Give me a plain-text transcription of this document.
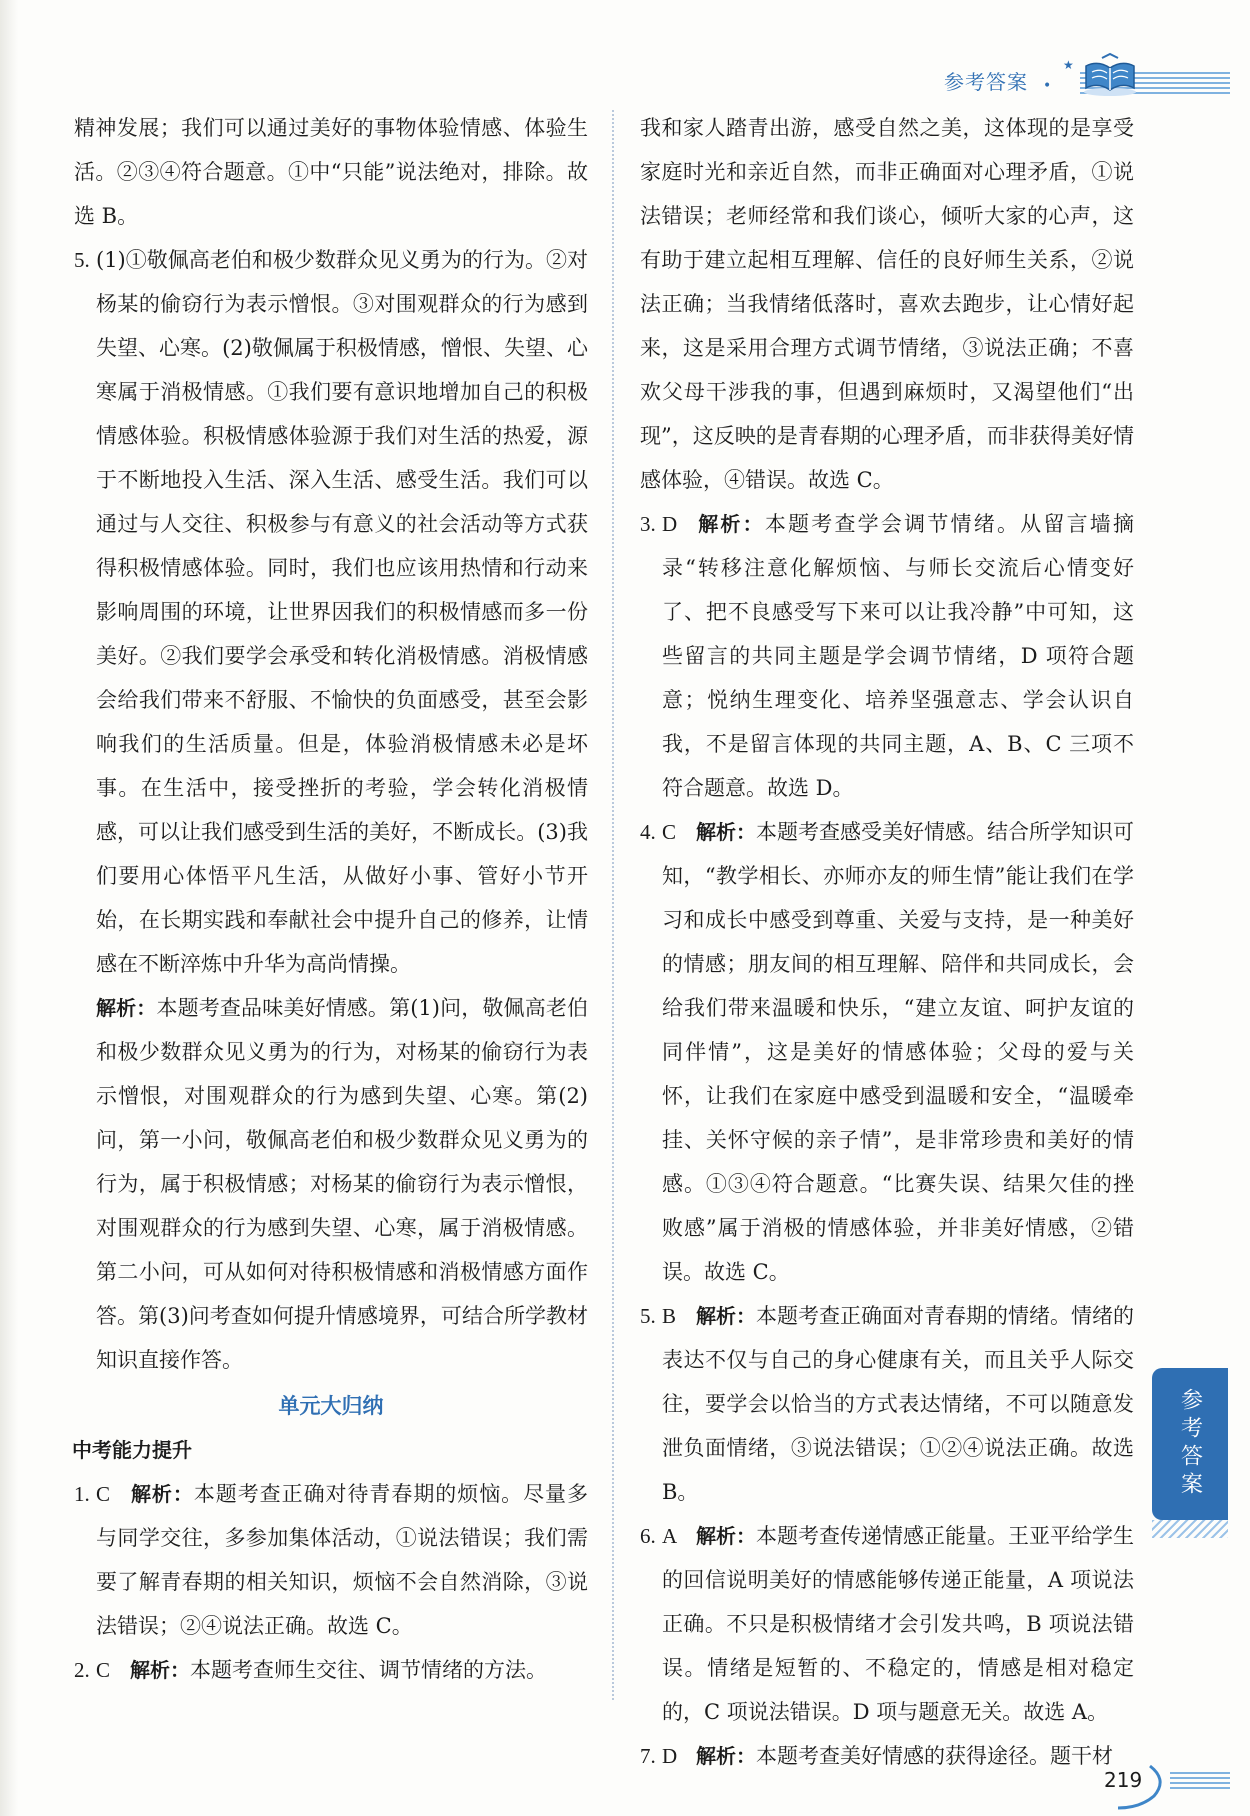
参考答案 •
★
精神发展；我们可以通过美好的事物体验情感、体验生活。②③④符合题意。①中“只能”说法绝对，排除。故选 B。
5. (1)①敬佩高老伯和极少数群众见义勇为的行为。②对杨某的偷窃行为表示憎恨。③对围观群众的行为感到失望、心寒。(2)敬佩属于积极情感，憎恨、失望、心寒属于消极情感。①我们要有意识地增加自己的积极情感体验。积极情感体验源于我们对生活的热爱，源于不断地投入生活、深入生活、感受生活。我们可以通过与人交往、积极参与有意义的社会活动等方式获得积极情感体验。同时，我们也应该用热情和行动来影响周围的环境，让世界因我们的积极情感而多一份美好。②我们要学会承受和转化消极情感。消极情感会给我们带来不舒服、不愉快的负面感受，甚至会影响我们的生活质量。但是，体验消极情感未必是坏事。在生活中，接受挫折的考验，学会转化消极情感，可以让我们感受到生活的美好，不断成长。(3)我们要用心体悟平凡生活，从做好小事、管好小节开始，在长期实践和奉献社会中提升自己的修养，让情感在不断淬炼中升华为高尚情操。
解析：本题考查品味美好情感。第(1)问，敬佩高老伯和极少数群众见义勇为的行为，对杨某的偷窃行为表示憎恨，对围观群众的行为感到失望、心寒。第(2)问，第一小问，敬佩高老伯和极少数群众见义勇为的行为，属于积极情感；对杨某的偷窃行为表示憎恨，对围观群众的行为感到失望、心寒，属于消极情感。第二小问，可从如何对待积极情感和消极情感方面作答。第(3)问考查如何提升情感境界，可结合所学教材知识直接作答。
单元大归纳
中考能力提升
1. C 解析：本题考查正确对待青春期的烦恼。尽量多与同学交往，多参加集体活动，①说法错误；我们需要了解青春期的相关知识，烦恼不会自然消除，③说法错误；②④说法正确。故选 C。
2. C 解析：本题考查师生交往、调节情绪的方法。
我和家人踏青出游，感受自然之美，这体现的是享受家庭时光和亲近自然，而非正确面对心理矛盾，①说法错误；老师经常和我们谈心，倾听大家的心声，这有助于建立起相互理解、信任的良好师生关系，②说法正确；当我情绪低落时，喜欢去跑步，让心情好起来，这是采用合理方式调节情绪，③说法正确；不喜欢父母干涉我的事，但遇到麻烦时，又渴望他们“出现”，这反映的是青春期的心理矛盾，而非获得美好情感体验，④错误。故选 C。
3. D 解析：本题考查学会调节情绪。从留言墙摘录“转移注意化解烦恼、与师长交流后心情变好了、把不良感受写下来可以让我冷静”中可知，这些留言的共同主题是学会调节情绪，D 项符合题意；悦纳生理变化、培养坚强意志、学会认识自我，不是留言体现的共同主题，A、B、C 三项不符合题意。故选 D。
4. C 解析：本题考查感受美好情感。结合所学知识可知，“教学相长、亦师亦友的师生情”能让我们在学习和成长中感受到尊重、关爱与支持，是一种美好的情感；朋友间的相互理解、陪伴和共同成长，会给我们带来温暖和快乐，“建立友谊、呵护友谊的同伴情”，这是美好的情感体验；父母的爱与关怀，让我们在家庭中感受到温暖和安全，“温暖牵挂、关怀守候的亲子情”，是非常珍贵和美好的情感。①③④符合题意。“比赛失误、结果欠佳的挫败感”属于消极的情感体验，并非美好情感，②错误。故选 C。
5. B 解析：本题考查正确面对青春期的情绪。情绪的表达不仅与自己的身心健康有关，而且关乎人际交往，要学会以恰当的方式表达情绪，不可以随意发泄负面情绪，③说法错误；①②④说法正确。故选 B。
6. A 解析：本题考查传递情感正能量。王亚平给学生的回信说明美好的情感能够传递正能量，A 项说法正确。不只是积极情绪才会引发共鸣，B 项说法错误。情绪是短暂的、不稳定的，情感是相对稳定的，C 项说法错误。D 项与题意无关。故选 A。
7. D 解析：本题考查美好情感的获得途径。题干材
参考答案
219
